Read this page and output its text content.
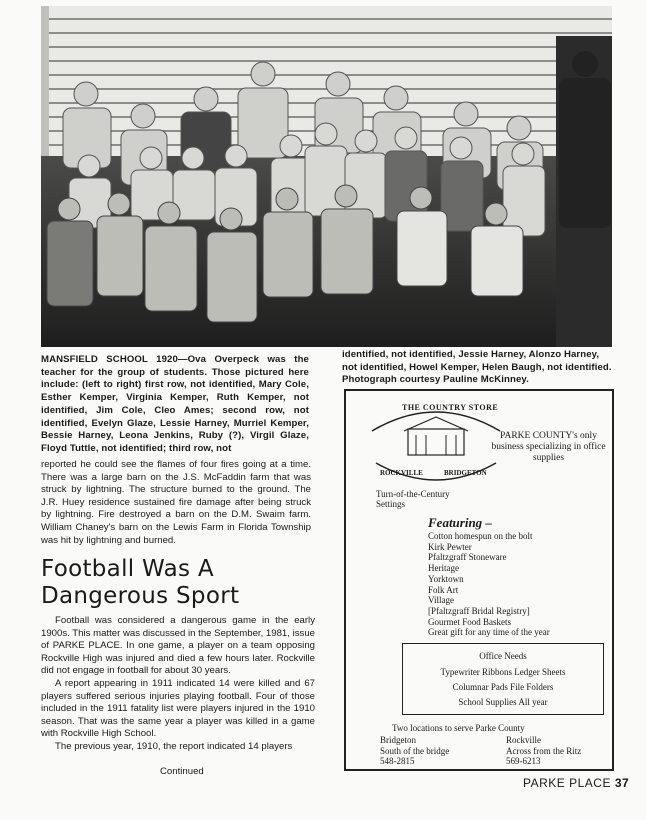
MANSFIELD SCHOOL 1920—Ova Overpeck was the teacher for the group of students. Those pictured here include: (left to right) first row, not identified, Mary Cole, Esther Kemper, Virginia Kemper, Ruth Kemper, not identified, Jim Cole, Cleo Ames; second row, not identified, Evelyn Glaze, Lessie Harney, Murriel Kemper, Bessie Harney, Leona Jenkins, Ruby (?), Virgil Glaze, Floyd Tuttle, not identified; third row, not
identified, not identified, Jessie Harney, Alonzo Harney, not identified, Howel Kemper, Helen Baugh, not identified. Photograph courtesy Pauline McKinney.

reported he could see the flames of four fires going at a time. There was a large barn on the J.S. McFaddin farm that was struck by lightning. The structure burned to the ground. The J.R. Huey residence sustained fire damage after being struck by lightning. Fire destroyed a barn on the D.M. Swaim farm. William Chaney's barn on the Lewis Farm in Florida Township was hit by lightning and burned.

Football Was A Dangerous Sport

Football was considered a dangerous game in the early 1900s. This matter was discussed in the September, 1981, issue of PARKE PLACE. In one game, a player on a team opposing Rockville High was injured and died a few hours later. Rockville did not engage in football for about 30 years.

A report appearing in 1911 indicated 14 were killed and 67 players suffered serious injuries playing football. Four of those included in the 1911 fatality list were players injured in the 1910 season. That was the same year a player was killed in a game with Rockville High School.

The previous year, 1910, the report indicated 14 players

Continued
THE COUNTRY STORE
ROCKVILLE	BRIDGETON
PARKE COUNTY's only business specializing in office supplies
Turn-of-the-Century Settings
Featuring –
Cotton homespun on the bolt
Kirk Pewter
Pfaltzgraff Stoneware
Heritage
Yorktown
Folk Art
Village
[Pfaltzgraff Bridal Registry]
Gourmet Food Baskets
Great gift for any time of the year
Office Needs
Typewriter Ribbons Ledger Sheets
Columnar Pads File Folders
School Supplies All year
Two locations to serve Parke County
Bridgeton
South of the bridge
548-2815
Rockville
Across from the Ritz
569-6213
PARKE PLACE 37
